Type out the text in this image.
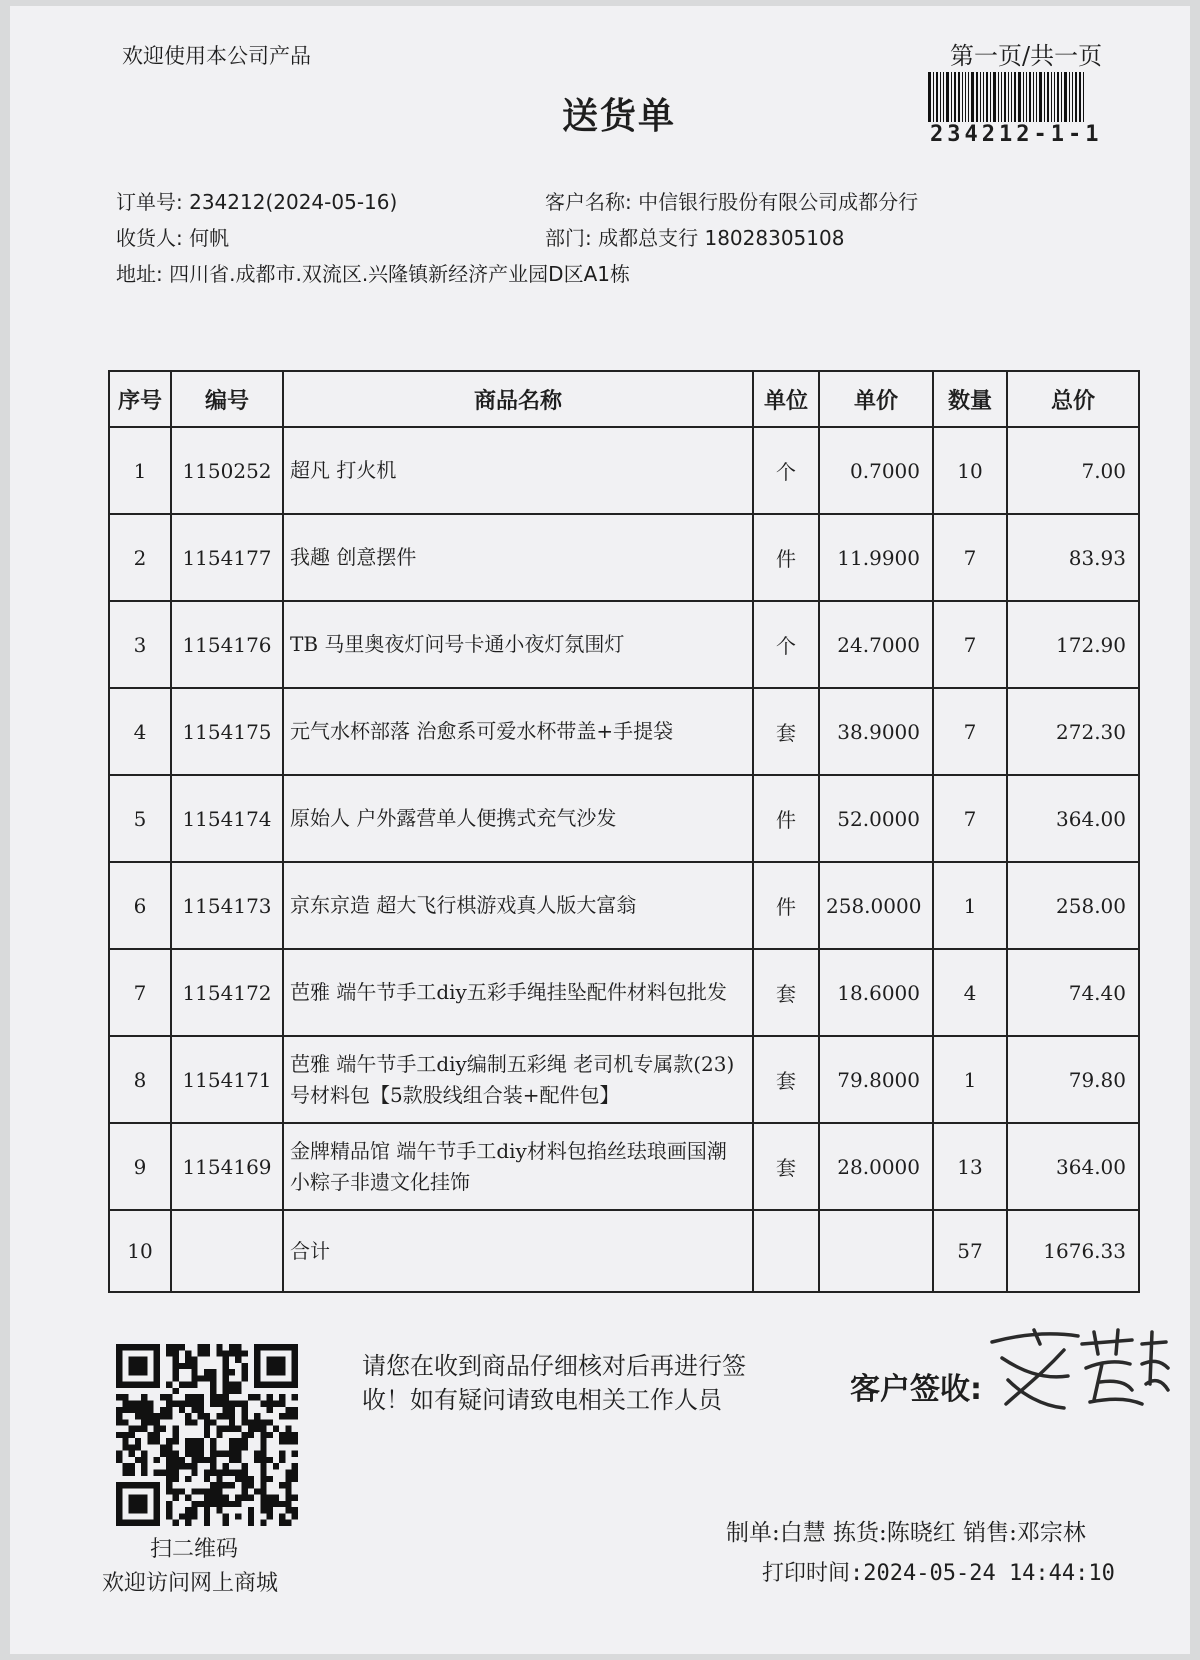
欢迎使用本公司产品	第一页/共一页
送货单	234212-1-1
订单号: 234212(2024-05-16)	客户名称: 中信银行股份有限公司成都分行
收货人: 何帆	部门: 成都总支行 18028305108
地址: 四川省.成都市.双流区.兴隆镇新经济产业园D区A1栋
序号	编号	商品名称	单位	单价	数量	总价
1	1150252	超凡 打火机	个	0.7000	10	7.00
2	1154177	我趣 创意摆件	件	11.9900	7	83.93
3	1154176	TB 马里奥夜灯问号卡通小夜灯氛围灯	个	24.7000	7	172.90
4	1154175	元气水杯部落 治愈系可爱水杯带盖+手提袋	套	38.9000	7	272.30
5	1154174	原始人 户外露营单人便携式充气沙发	件	52.0000	7	364.00
6	1154173	京东京造 超大飞行棋游戏真人版大富翁	件	258.0000	1	258.00
7	1154172	芭雅 端午节手工diy五彩手绳挂坠配件材料包批发	套	18.6000	4	74.40
8	1154171	芭雅 端午节手工diy编制五彩绳 老司机专属款(23)号材料包【5款股线组合装+配件包】	套	79.8000	1	79.80
9	1154169	金牌精品馆 端午节手工diy材料包掐丝珐琅画国潮小粽子非遗文化挂饰	套	28.0000	13	364.00
10		合计			57	1676.33
扫二维码
欢迎访问网上商城
请您在收到商品仔细核对后再进行签收！如有疑问请致电相关工作人员	客户签收:
制单:白慧 拣货:陈晓红 销售:邓宗林
打印时间:2024-05-24 14:44:10
